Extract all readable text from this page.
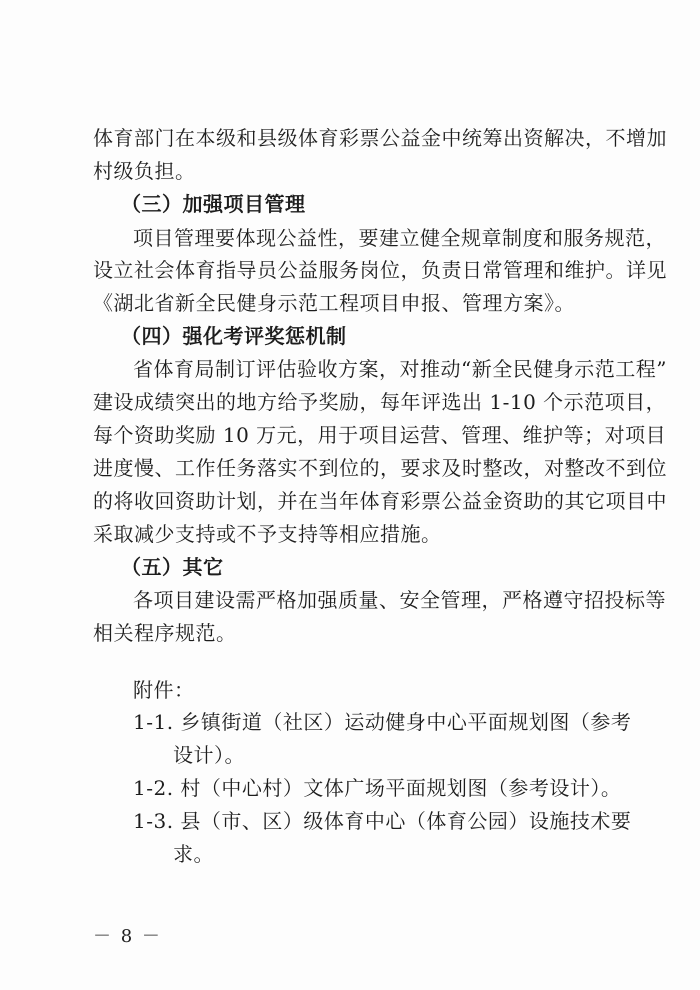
体育部门在本级和县级体育彩票公益金中统筹出资解决，不增加
村级负担。
（三）加强项目管理
项目管理要体现公益性，要建立健全规章制度和服务规范，
设立社会体育指导员公益服务岗位，负责日常管理和维护。详见
《湖北省新全民健身示范工程项目申报、管理方案》。
（四）强化考评奖惩机制
省体育局制订评估验收方案，对推动“新全民健身示范工程”
建设成绩突出的地方给予奖励，每年评选出 1-10 个示范项目，
每个资助奖励 10 万元，用于项目运营、管理、维护等；对项目
进度慢、工作任务落实不到位的，要求及时整改，对整改不到位
的将收回资助计划，并在当年体育彩票公益金资助的其它项目中
采取减少支持或不予支持等相应措施。
（五）其它
各项目建设需严格加强质量、安全管理，严格遵守招投标等
相关程序规范。
附件：
1-1. 乡镇街道（社区）运动健身中心平面规划图（参考
设计）。
1-2. 村（中心村）文体广场平面规划图（参考设计）。
1-3. 县（市、区）级体育中心（体育公园）设施技术要
求。
－ 8 －
